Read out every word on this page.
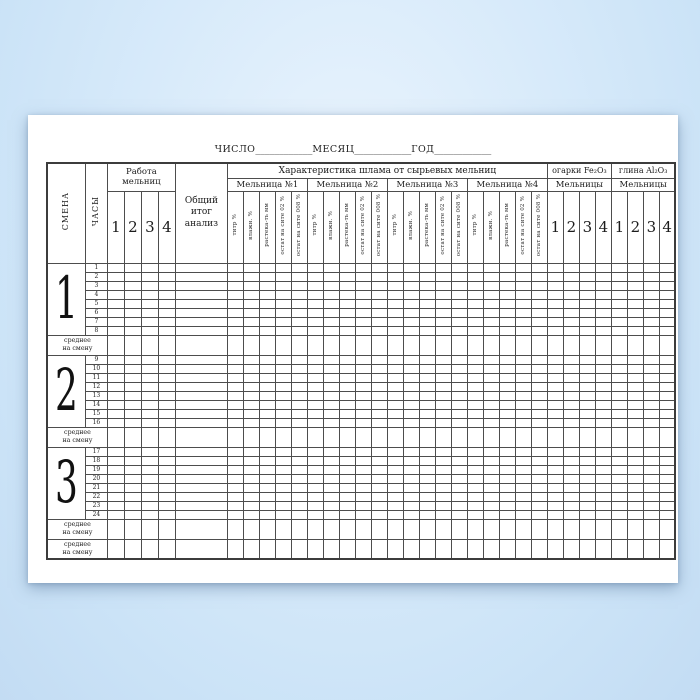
ЧИСЛО____________МЕСЯЦ____________ГОД____________
СМЕНА	ЧАСЫ	Работа мельниц				Общий итог анализ	Характеристика шлама от сырьевых мельниц																				огарки Fe₂O₃				глина Al₂O₃			
							Мельница №1					Мельница №2					Мельница №3					Мельница №4					Мельницы				Мельницы			
		1	2	3	4		титр %	влажн. %	растека-ть мм	остат на сите 02 %	остат на сите 008 %	титр %	влажн. %	растека-ть мм	остат на сите 02 %	остат на сите 008 %	титр %	влажн. %	растека-ть мм	остат на сите 02 %	остат на сите 008 %	титр %	влажн. %	растека-ть мм	остат на сите 02 %	остат на сите 008 %	1	2	3	4	1	2	3	4

1	1																																	
	2																																	
	3																																	
	4																																	
	5																																	
	6																																	
	7																																	
	8																																	

среднее
на смену																																		

2	9																																	
	10																																	
	11																																	
	12																																	
	13																																	
	14																																	
	15																																	
	16																																	

среднее
на смену																																		

3	17																																	
	18																																	
	19																																	
	20																																	
	21																																	
	22																																	
	23																																	
	24																																	

среднее
на смену																																		

среднее
на смену																																		
